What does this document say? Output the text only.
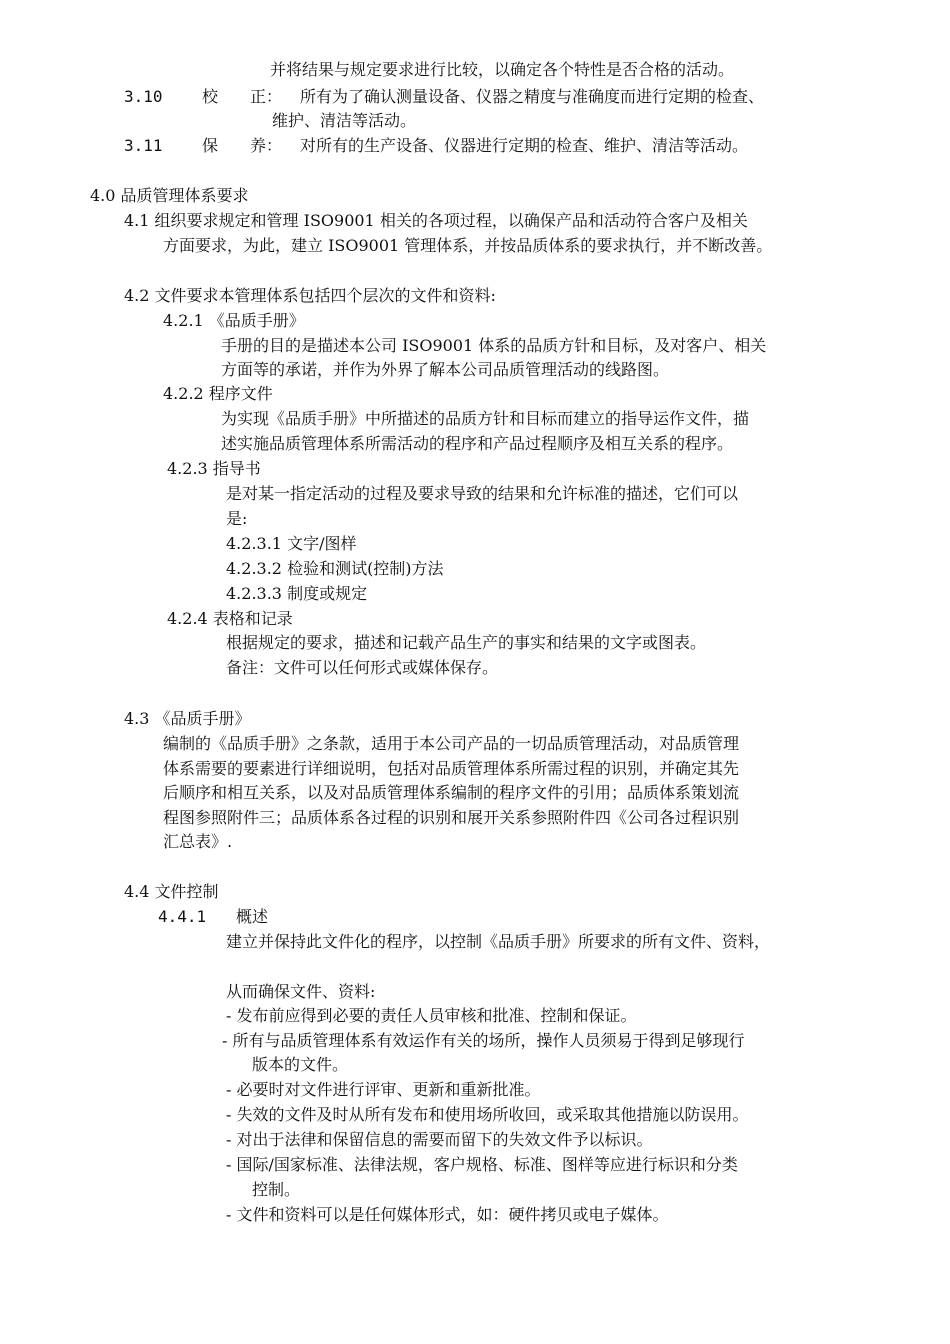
并将结果与规定要求进行比较，以确定各个特性是否合格的活动。
3.10 校　　正： 所有为了确认测量设备、仪器之精度与准确度而进行定期的检查、
维护、清洁等活动。
3.11 保　　养： 对所有的生产设备、仪器进行定期的检查、维护、清洁等活动。
4.0 品质管理体系要求
4.1 组织要求规定和管理 ISO9001 相关的各项过程，以确保产品和活动符合客户及相关
方面要求，为此，建立 ISO9001 管理体系，并按品质体系的要求执行，并不断改善。
4.2 文件要求本管理体系包括四个层次的文件和资料:
4.2.1 《品质手册》
手册的目的是描述本公司 ISO9001 体系的品质方针和目标，及对客户、相关
方面等的承诺，并作为外界了解本公司品质管理活动的线路图。
4.2.2 程序文件
为实现《品质手册》中所描述的品质方针和目标而建立的指导运作文件，描
述实施品质管理体系所需活动的程序和产品过程顺序及相互关系的程序。
4.2.3 指导书
是对某一指定活动的过程及要求导致的结果和允许标准的描述，它们可以
是:
4.2.3.1 文字/图样
4.2.3.2 检验和测试(控制)方法
4.2.3.3 制度或规定
4.2.4 表格和记录
根据规定的要求，描述和记载产品生产的事实和结果的文字或图表。
备注：文件可以任何形式或媒体保存。
4.3 《品质手册》
编制的《品质手册》之条款，适用于本公司产品的一切品质管理活动，对品质管理
体系需要的要素进行详细说明，包括对品质管理体系所需过程的识别，并确定其先
后顺序和相互关系，以及对品质管理体系编制的程序文件的引用；品质体系策划流
程图参照附件三；品质体系各过程的识别和展开关系参照附件四《公司各过程识别
汇总表》.
4.4 文件控制
4.4.1 概述
建立并保持此文件化的程序，以控制《品质手册》所要求的所有文件、资料，
从而确保文件、资料:
- 发布前应得到必要的责任人员审核和批准、控制和保证。
- 所有与品质管理体系有效运作有关的场所，操作人员须易于得到足够现行
版本的文件。
- 必要时对文件进行评审、更新和重新批准。
- 失效的文件及时从所有发布和使用场所收回，或采取其他措施以防误用。
- 对出于法律和保留信息的需要而留下的失效文件予以标识。
- 国际/国家标准、法律法规，客户规格、标准、图样等应进行标识和分类
控制。
- 文件和资料可以是任何媒体形式，如：硬件拷贝或电子媒体。
